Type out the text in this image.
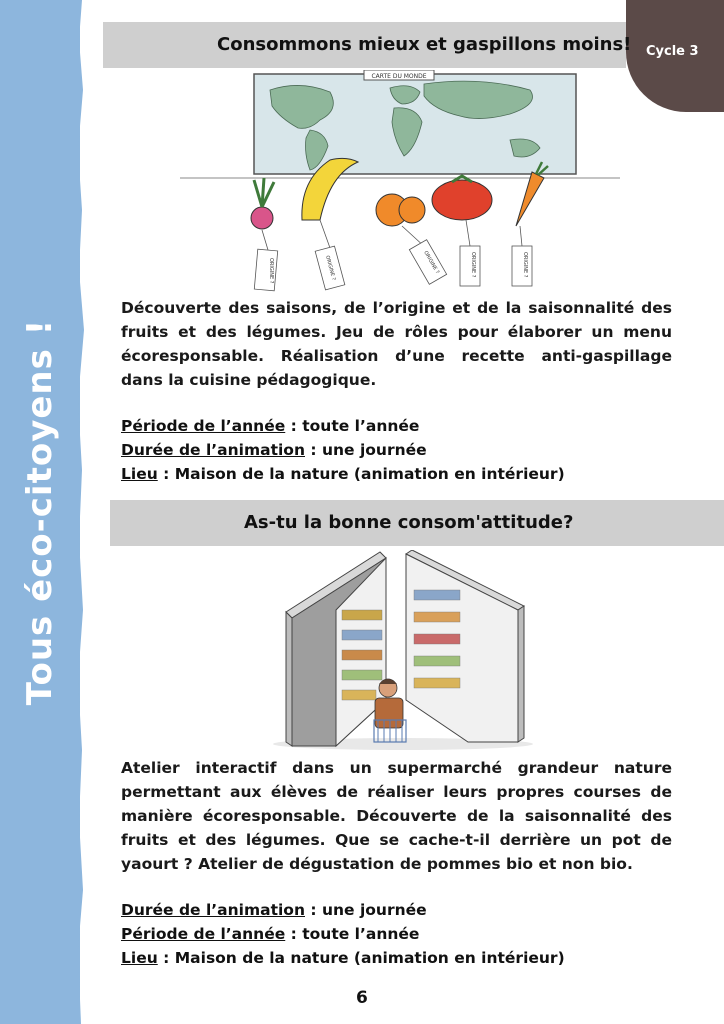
Tous éco-citoyens !
Cycle 3
Consommons mieux et gaspillons moins!
CARTE DU MONDE
ORIGINE ?	ORIGINE ?	ORIGINE ?	ORIGINE ?	ORIGINE ?
Découverte des saisons, de l’origine et de la saisonnalité des fruits et des légumes. Jeu de rôles pour élaborer un menu écoresponsable. Réalisation d’une recette anti-gaspillage dans la cuisine pédagogique.
Période de l’année : toute l’année
Durée de l’animation : une journée
Lieu : Maison de la nature (animation en intérieur)
As-tu la bonne consom'attitude?
Atelier interactif dans un supermarché grandeur nature permettant aux élèves de réaliser leurs propres courses de manière écoresponsable. Découverte de la saisonnalité des fruits et des légumes. Que se cache-t-il derrière un pot de yaourt ? Atelier de dégustation de pommes bio et non bio.
Durée de l’animation : une journée
Période de l’année : toute l’année
Lieu : Maison de la nature (animation en intérieur)
6
